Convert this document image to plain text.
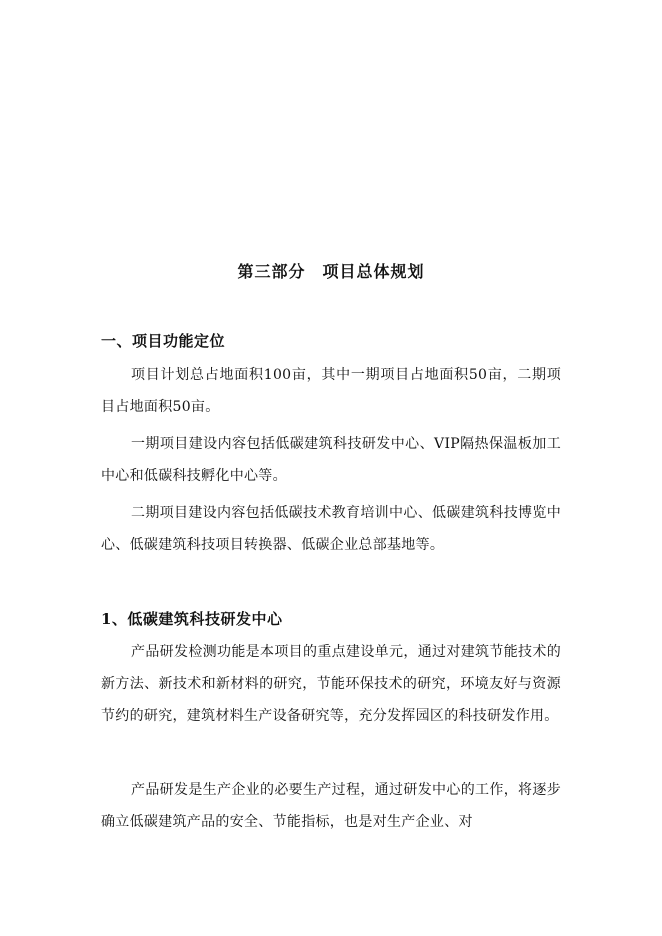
第三部分　项目总体规划
一、项目功能定位
项目计划总占地面积100亩，其中一期项目占地面积50亩，二期项目占地面积50亩。
一期项目建设内容包括低碳建筑科技研发中心、VIP隔热保温板加工中心和低碳科技孵化中心等。
二期项目建设内容包括低碳技术教育培训中心、低碳建筑科技博览中心、低碳建筑科技项目转换器、低碳企业总部基地等。
1、低碳建筑科技研发中心
产品研发检测功能是本项目的重点建设单元，通过对建筑节能技术的新方法、新技术和新材料的研究，节能环保技术的研究，环境友好与资源节约的研究，建筑材料生产设备研究等，充分发挥园区的科技研发作用。
产品研发是生产企业的必要生产过程，通过研发中心的工作，将逐步确立低碳建筑产品的安全、节能指标，也是对生产企业、对
